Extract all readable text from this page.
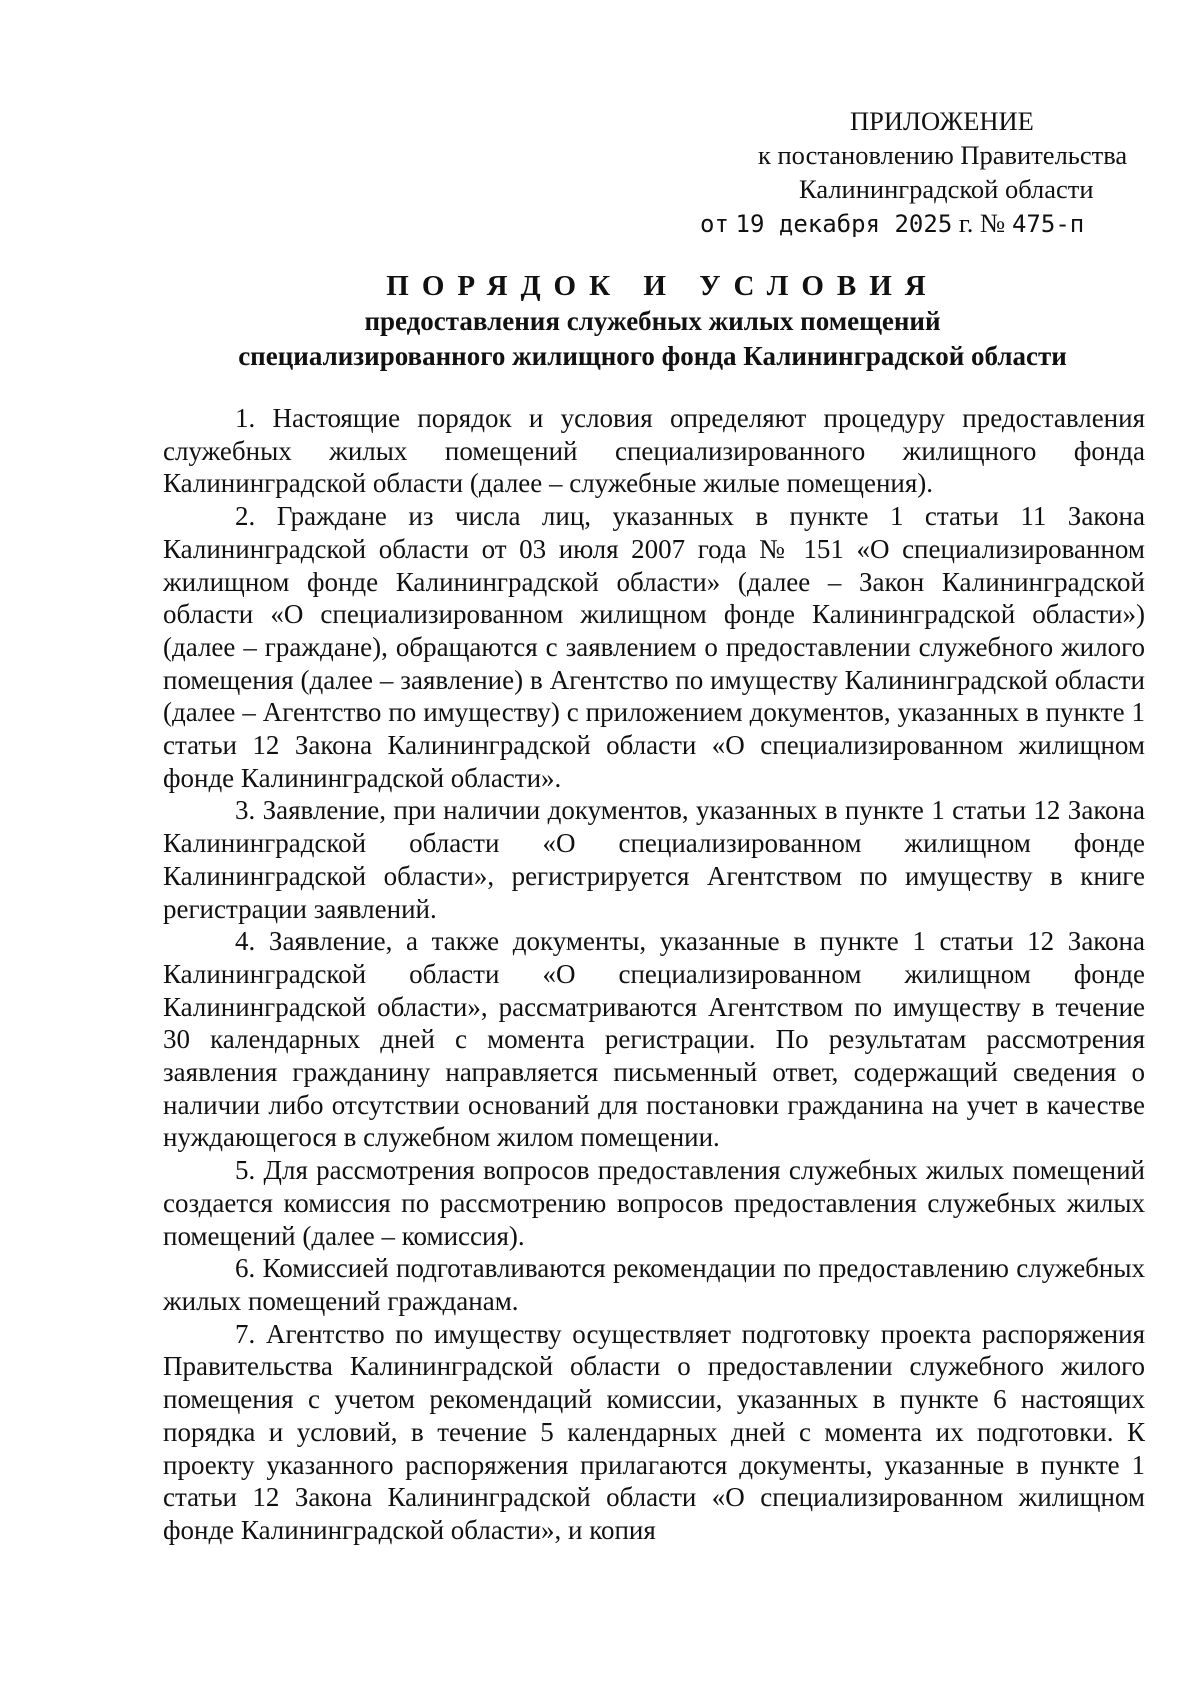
ПРИЛОЖЕНИЕ
к постановлению Правительства
Калининградской области
от 19 декабря 2025 г. № 475-п
ПОРЯДОК И УСЛОВИЯ
предоставления служебных жилых помещений
специализированного жилищного фонда Калининградской области

1. Настоящие порядок и условия определяют процедуру предоставления служебных жилых помещений специализированного жилищного фонда Калининградской области (далее – служебные жилые помещения).

2. Граждане из числа лиц, указанных в пункте 1 статьи 11 Закона Калининградской области от 03 июля 2007 года № 151 «О специализированном жилищном фонде Калининградской области» (далее – Закон Калининградской области «О специализированном жилищном фонде Калининградской области») (далее – граждане), обращаются с заявлением о предоставлении служебного жилого помещения (далее – заявление) в Агентство по имуществу Калининградской области (далее – Агентство по имуществу) с приложением документов, указанных в пункте 1 статьи 12 Закона Калининградской области «О специализированном жилищном фонде Калининградской области».

3. Заявление, при наличии документов, указанных в пункте 1 статьи 12 Закона Калининградской области «О специализированном жилищном фонде Калининградской области», регистрируется Агентством по имуществу в книге регистрации заявлений.

4. Заявление, а также документы, указанные в пункте 1 статьи 12 Закона Калининградской области «О специализированном жилищном фонде Калининградской области», рассматриваются Агентством по имуществу в течение 30 календарных дней с момента регистрации. По результатам рассмотрения заявления гражданину направляется письменный ответ, содержащий сведения о наличии либо отсутствии оснований для постановки гражданина на учет в качестве нуждающегося в служебном жилом помещении.

5. Для рассмотрения вопросов предоставления служебных жилых помещений создается комиссия по рассмотрению вопросов предоставления служебных жилых помещений (далее – комиссия).

6. Комиссией подготавливаются рекомендации по предоставлению служебных жилых помещений гражданам.

7. Агентство по имуществу осуществляет подготовку проекта распоряжения Правительства Калининградской области о предоставлении служебного жилого помещения с учетом рекомендаций комиссии, указанных в пункте 6 настоящих порядка и условий, в течение 5 календарных дней с момента их подготовки. К проекту указанного распоряжения прилагаются документы, указанные в пункте 1 статьи 12 Закона Калининградской области «О специализированном жилищном фонде Калининградской области», и копия
